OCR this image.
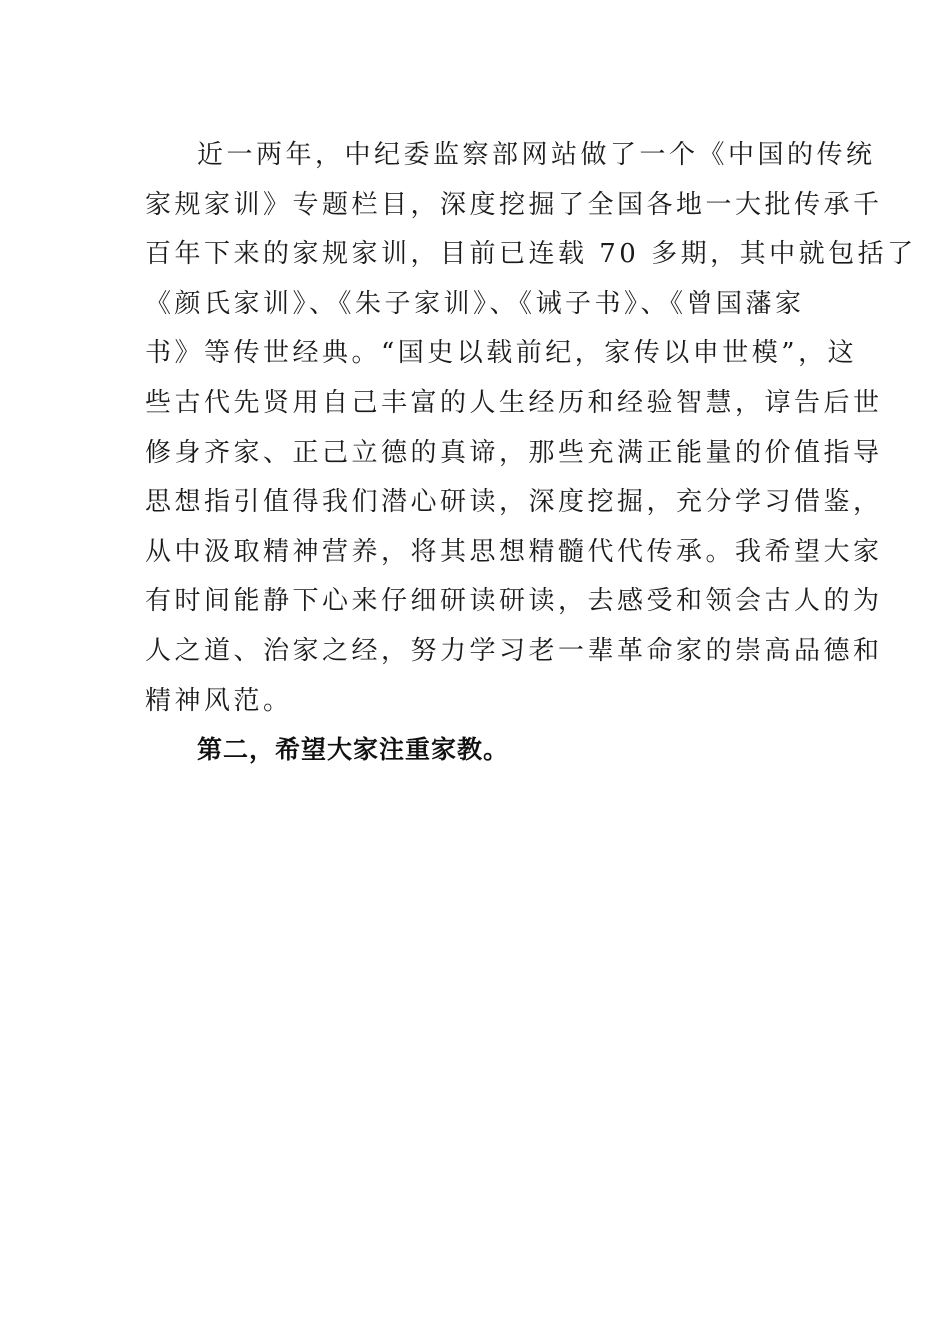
近一两年，中纪委监察部网站做了一个《中国的传统
家规家训》专题栏目，深度挖掘了全国各地一大批传承千
百年下来的家规家训，目前已连载 70 多期，其中就包括了
《颜氏家训》、《朱子家训》、《诫子书》、《曾国藩家
书》等传世经典。“国史以载前纪，家传以申世模”，这
些古代先贤用自己丰富的人生经历和经验智慧，谆告后世
修身齐家、正己立德的真谛，那些充满正能量的价值指导
思想指引值得我们潜心研读，深度挖掘，充分学习借鉴，
从中汲取精神营养，将其思想精髓代代传承。我希望大家
有时间能静下心来仔细研读研读，去感受和领会古人的为
人之道、治家之经，努力学习老一辈革命家的崇高品德和
精神风范。

第二，希望大家注重家教。
